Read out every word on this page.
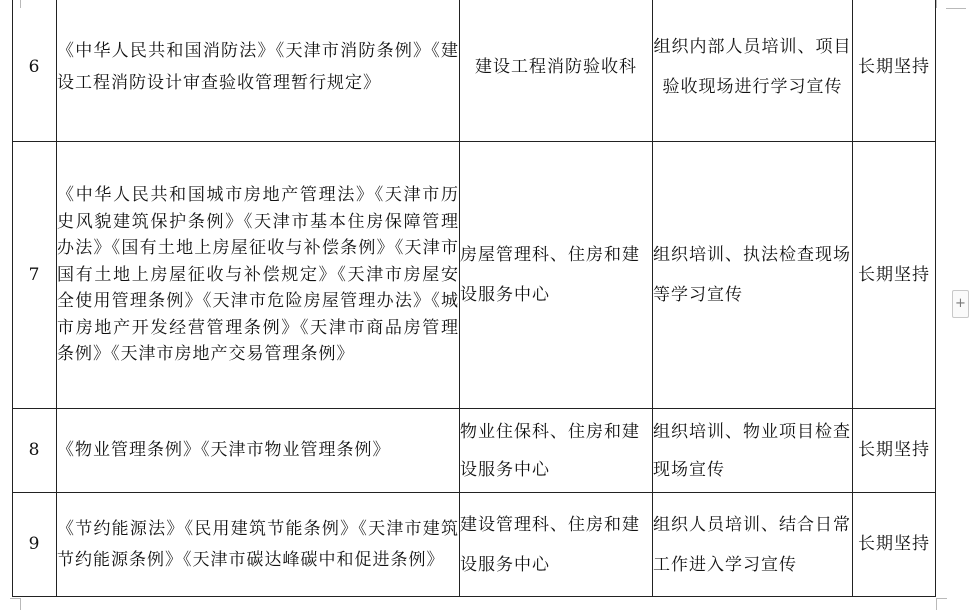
6	《中华人民共和国消防法》《天津市消防条例》《建设工程消防设计审查验收管理暂行规定》	建设工程消防验收科	组织内部人员培训、项目验收现场进行学习宣传	长期坚持
7	《中华人民共和国城市房地产管理法》《天津市历史风貌建筑保护条例》《天津市基本住房保障管理办法》《国有土地上房屋征收与补偿条例》《天津市国有土地上房屋征收与补偿规定》《天津市房屋安全使用管理条例》《天津市危险房屋管理办法》《城市房地产开发经营管理条例》《天津市商品房管理条例》《天津市房地产交易管理条例》	房屋管理科、住房和建设服务中心	组织培训、执法检查现场等学习宣传	长期坚持
8	《物业管理条例》《天津市物业管理条例》	物业住保科、住房和建设服务中心	组织培训、物业项目检查现场宣传	长期坚持
9	《节约能源法》《民用建筑节能条例》《天津市建筑节约能源条例》《天津市碳达峰碳中和促进条例》	建设管理科、住房和建设服务中心	组织人员培训、结合日常工作进入学习宣传	长期坚持
+
